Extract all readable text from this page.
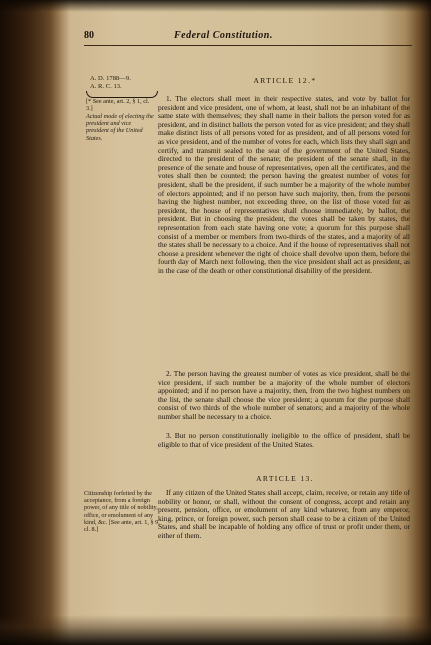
80	Federal Constitution.
A. D. 1788—9.
A. R. C. 13.
[* See ante, art. 2, § 1, cl. 3.]
Actual mode of electing the president and vice president of the United States.
ARTICLE 12.*
1. The electors shall meet in their respective states, and vote by ballot for president and vice president, one of whom, at least, shall not be an inhabitant of the same state with themselves; they shall name in their ballots the person voted for as president, and in distinct ballots the person voted for as vice president; and they shall make distinct lists of all persons voted for as president, and of all persons voted for as vice president, and of the number of votes for each, which lists they shall sign and certify, and transmit sealed to the seat of the government of the United States, directed to the president of the senate; the president of the senate shall, in the presence of the senate and house of representatives, open all the certificates, and the votes shall then be counted; the person having the greatest number of votes for president, shall be the president, if such number be a majority of the whole number of electors appointed; and if no person have such majority, then, from the persons having the highest number, not exceeding three, on the list of those voted for as president, the house of representatives shall choose immediately, by ballot, the president. But in choosing the president, the votes shall be taken by states, the representation from each state having one vote; a quorum for this purpose shall consist of a member or members from two-thirds of the states, and a majority of all the states shall be necessary to a choice. And if the house of representatives shall not choose a president whenever the right of choice shall devolve upon them, before the fourth day of March next following, then the vice president shall act as president, as in the case of the death or other constitutional disability of the president.
2. The person having the greatest number of votes as vice president, shall be the vice president, if such number be a majority of the whole number of electors appointed; and if no person have a majority, then, from the two highest numbers on the list, the senate shall choose the vice president; a quorum for the purpose shall consist of two thirds of the whole number of senators; and a majority of the whole number shall be necessary to a choice.
3. But no person constitutionally ineligible to the office of president, shall be eligible to that of vice president of the United States.
ARTICLE 13.
Citizenship forfeited by the acceptance, from a foreign power, of any title of nobility, office, or emolument of any kind, &c. [See ante, art. 1, § 9, cl. 8.]
If any citizen of the United States shall accept, claim, receive, or retain any title of nobility or honor, or shall, without the consent of congress, accept and retain any present, pension, office, or emolument of any kind whatever, from any emperor, king, prince, or foreign power, such person shall cease to be a citizen of the United States, and shall be incapable of holding any office of trust or profit under them, or either of them.
